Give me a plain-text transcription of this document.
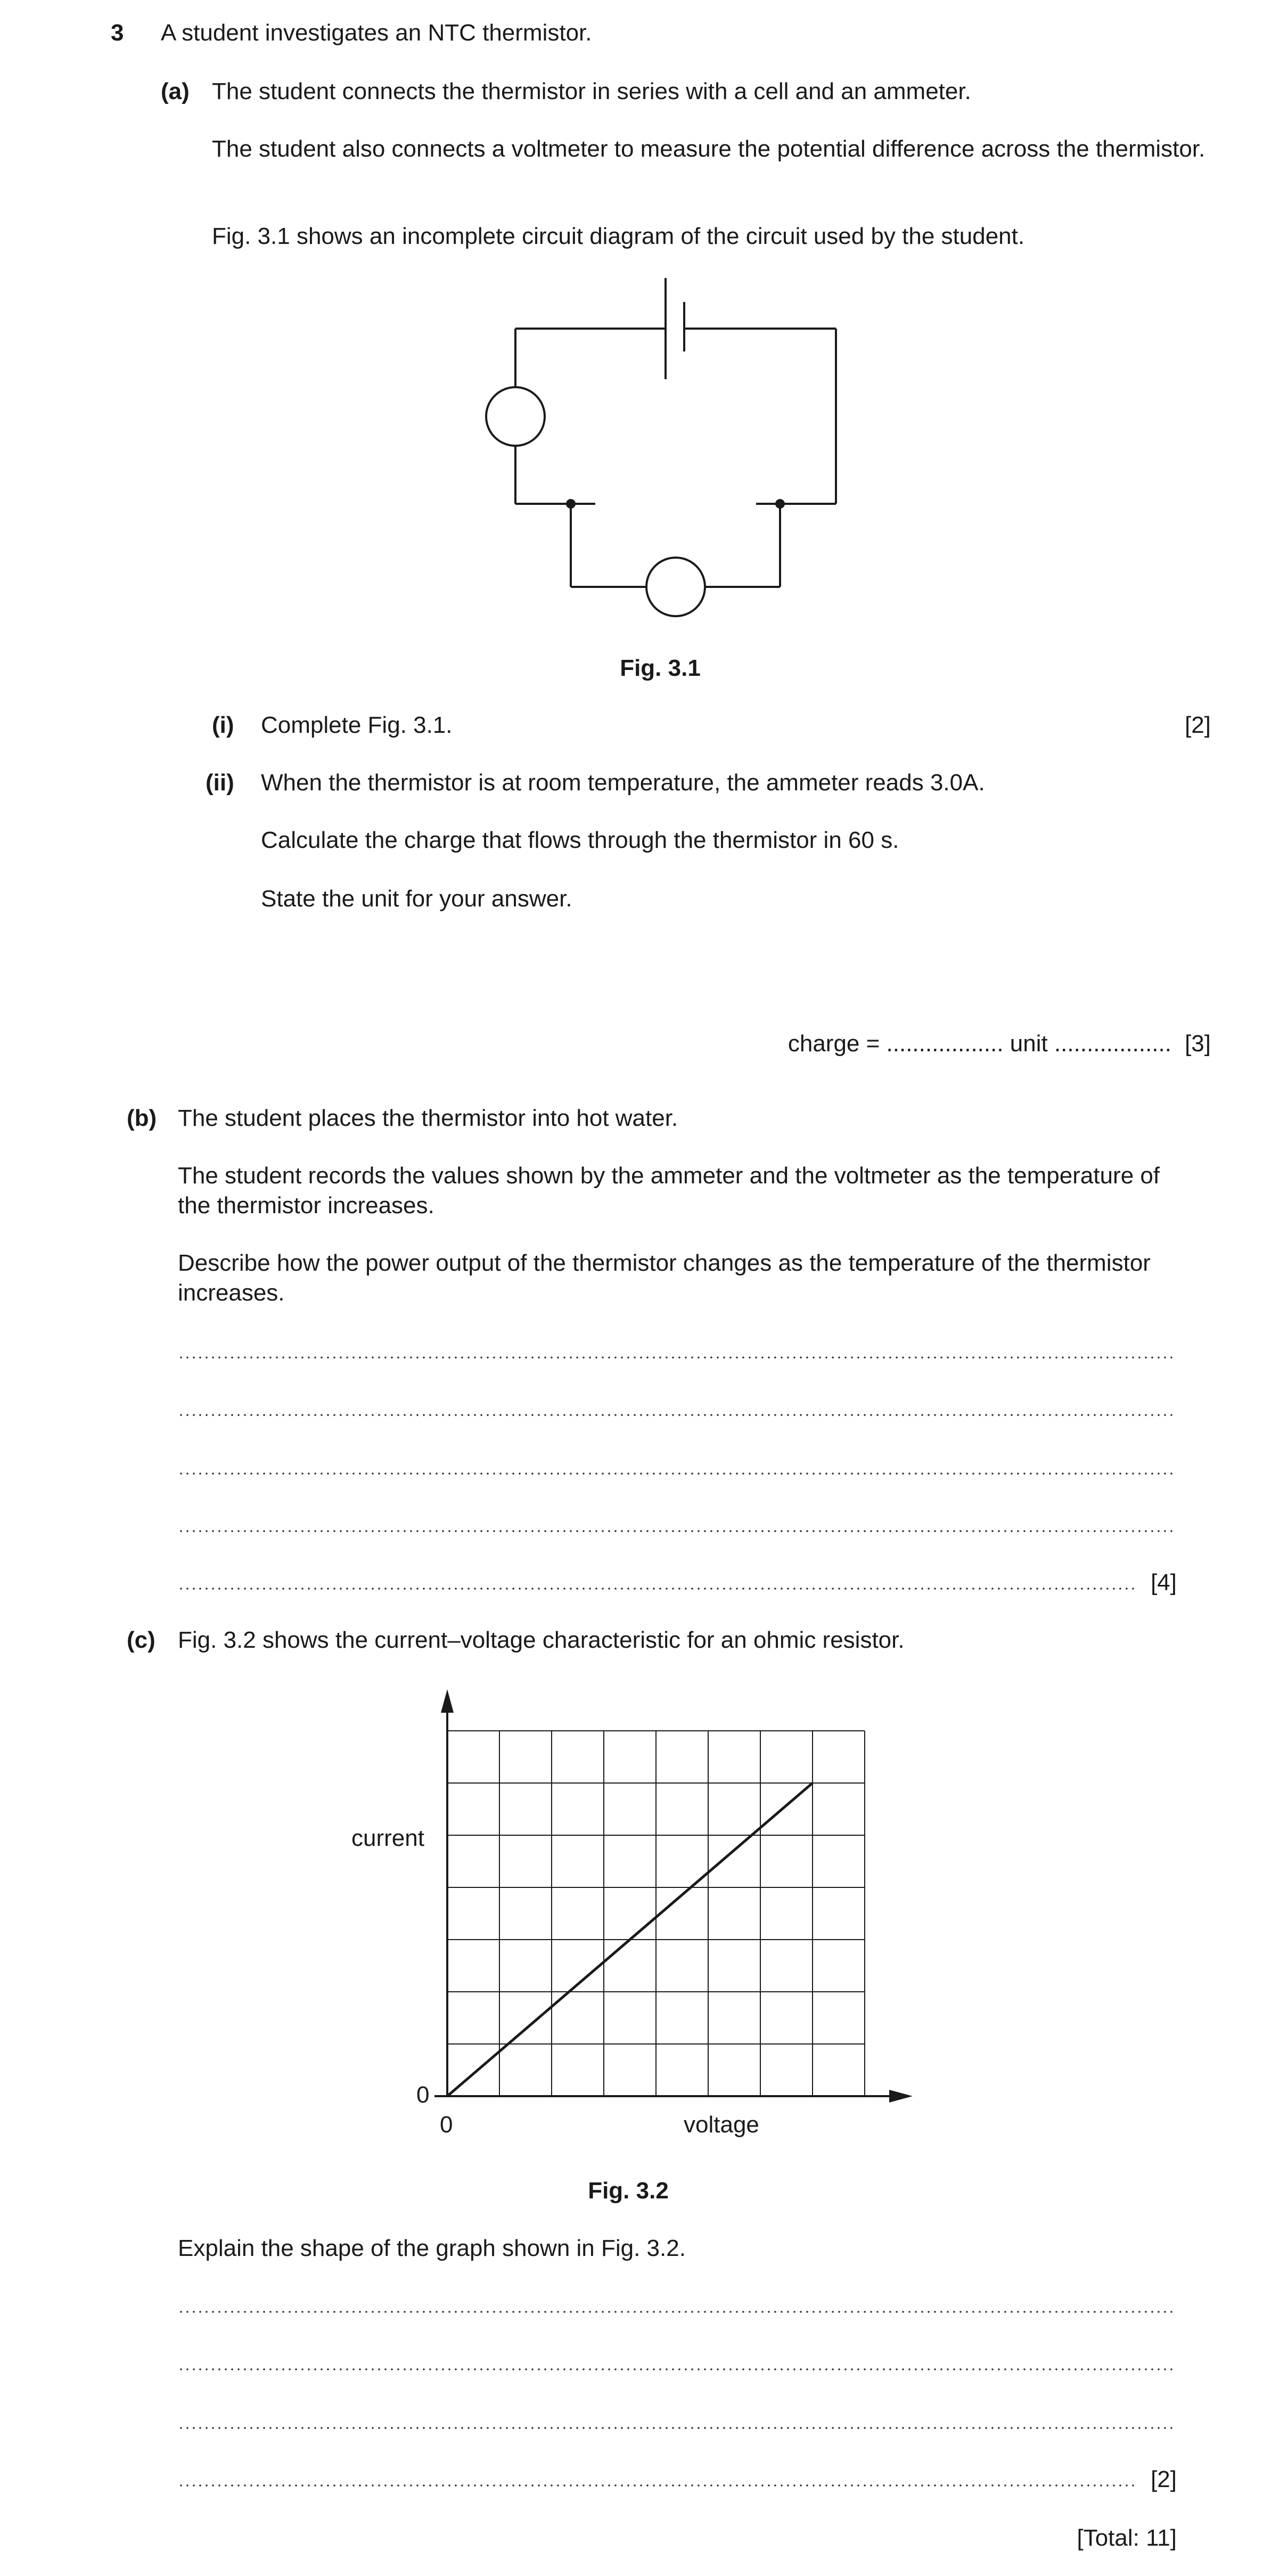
3 A student investigates an NTC thermistor.
(a) The student connects the thermistor in series with a cell and an ammeter.
The student also connects a voltmeter to measure the potential difference across the thermistor.
Fig. 3.1 shows an incomplete circuit diagram of the circuit used by the student.
Fig. 3.1
(i) Complete Fig. 3.1.	[2]
(ii) When the thermistor is at room temperature, the ammeter reads 3.0A.
Calculate the charge that flows through the thermistor in 60 s.
State the unit for your answer.
charge = .................. unit .................. [3]
(b) The student places the thermistor into hot water.
The student records the values shown by the ammeter and the voltmeter as the temperature of the thermistor increases.
Describe how the power output of the thermistor changes as the temperature of the thermistor increases.
[4]
(c) Fig. 3.2 shows the current–voltage characteristic for an ohmic resistor.
current
voltage
0
0
Fig. 3.2
Explain the shape of the graph shown in Fig. 3.2.
[2]
[Total: 11]
